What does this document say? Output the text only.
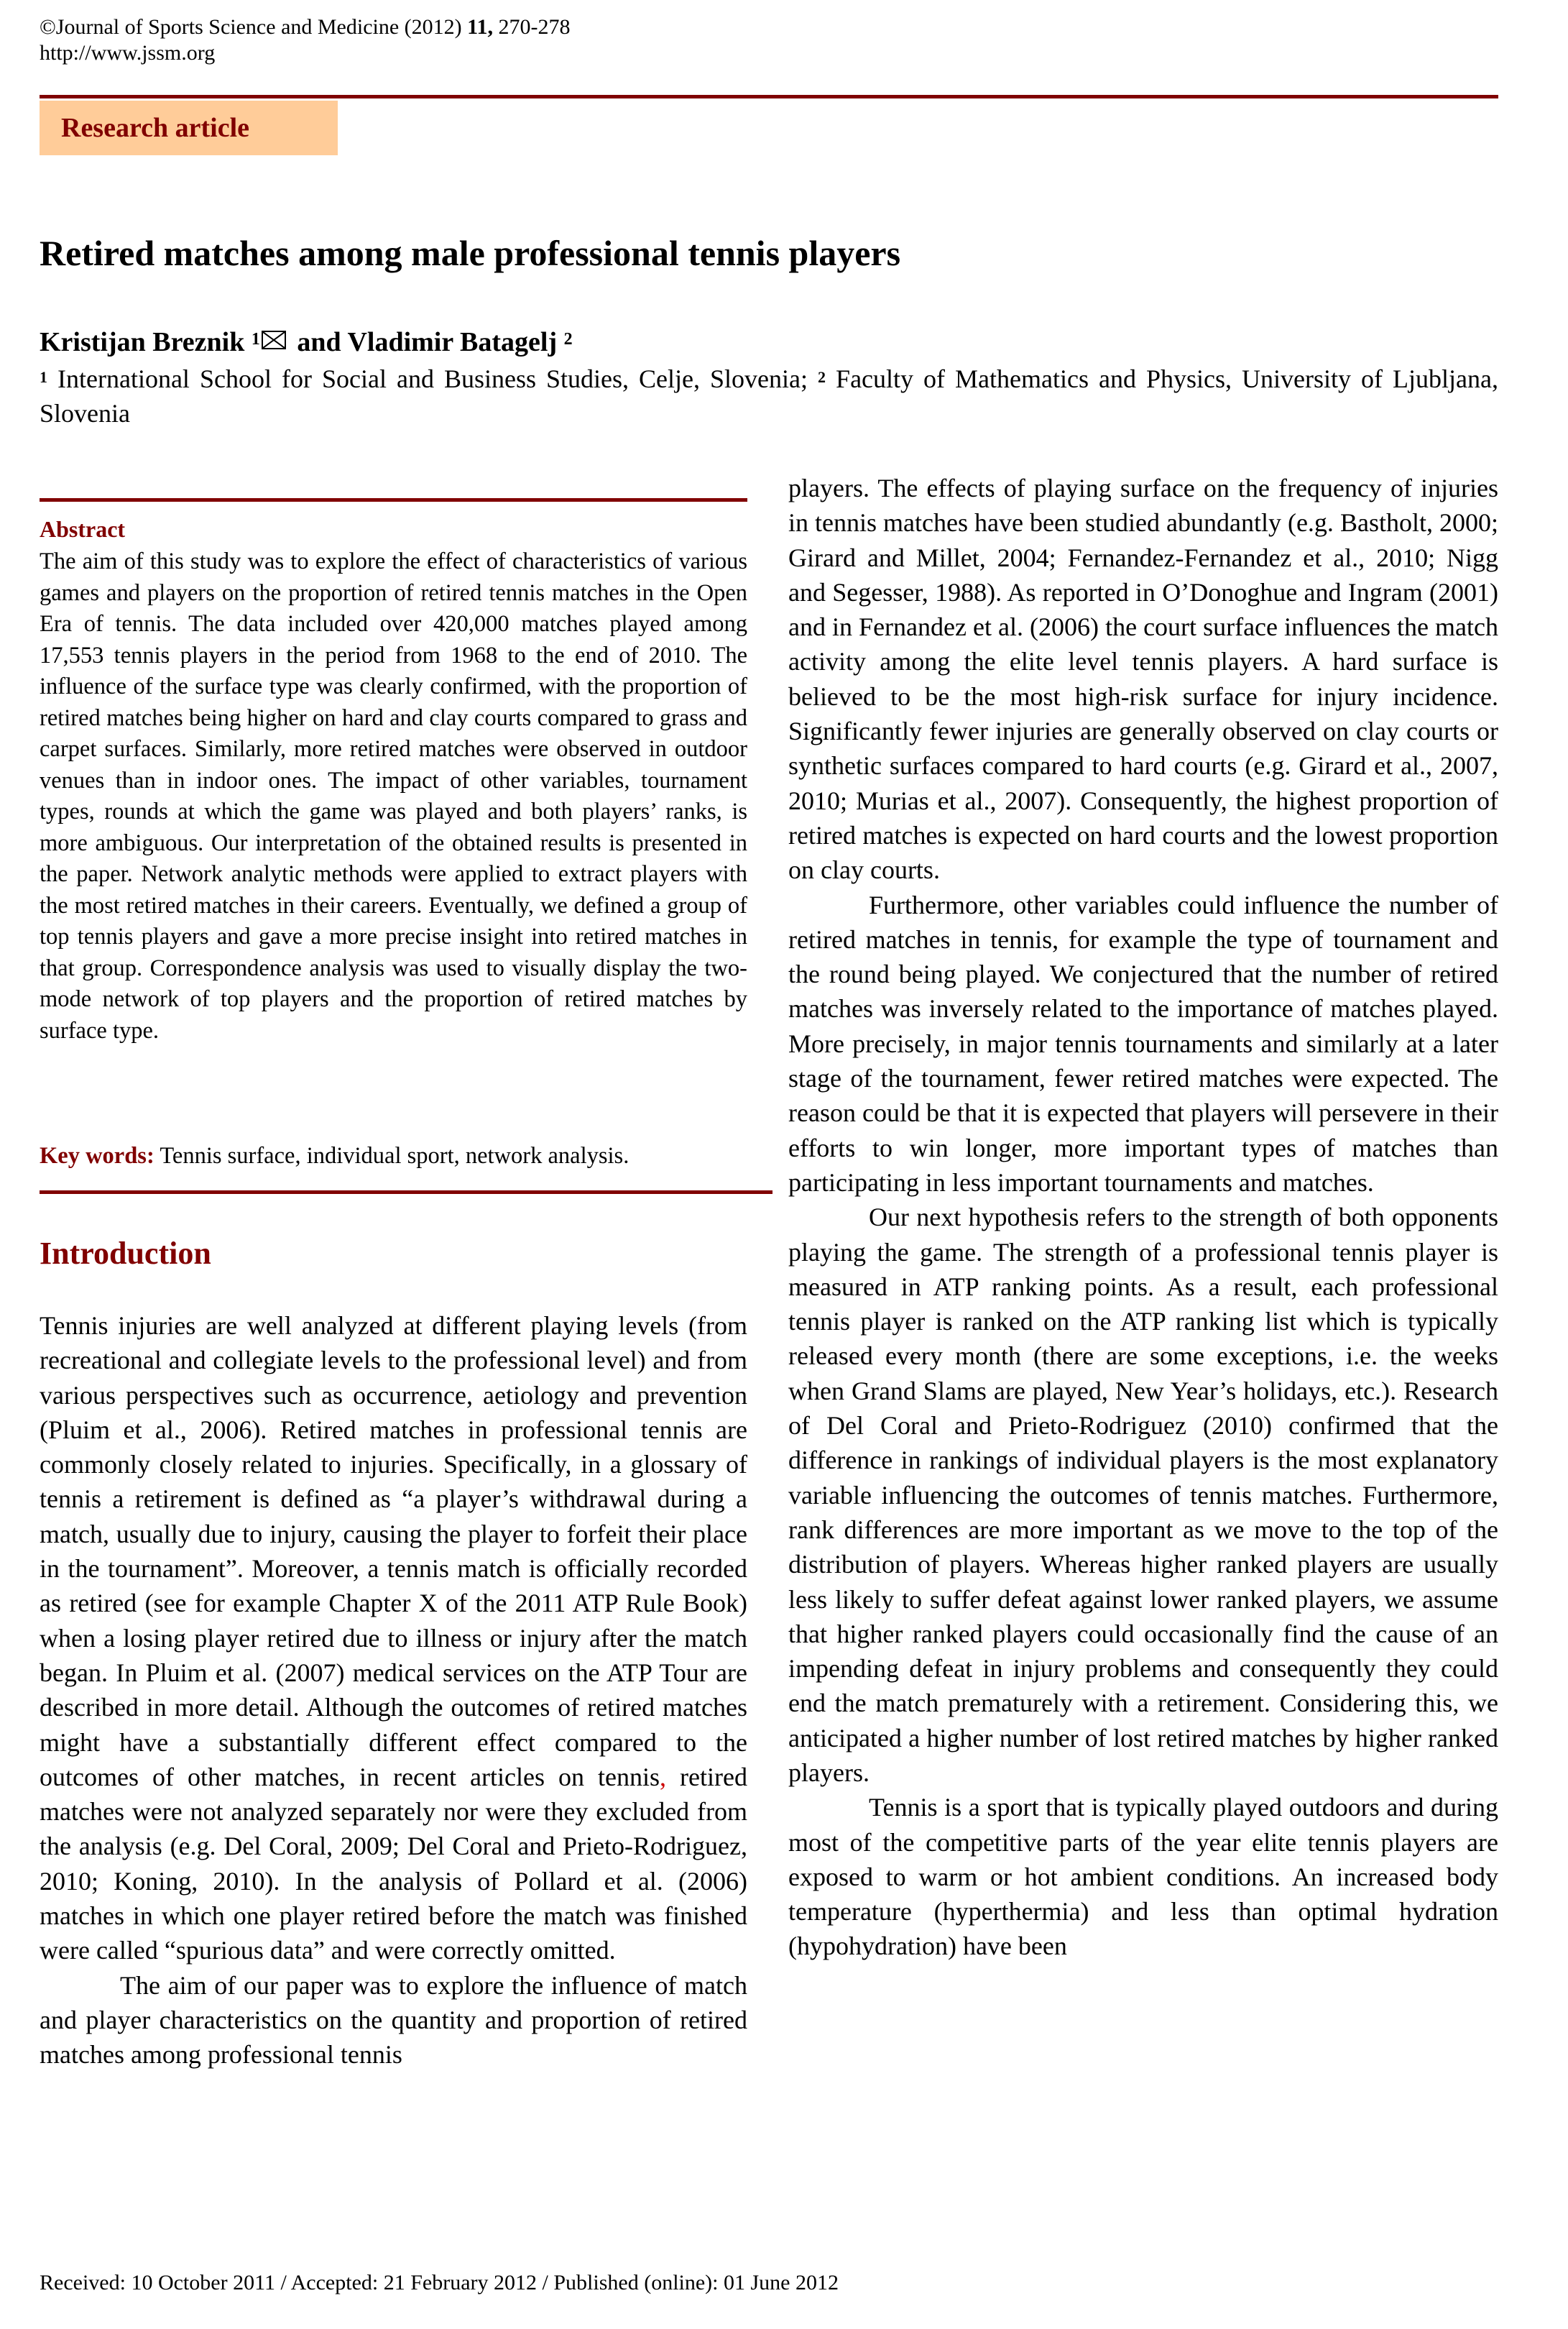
©Journal of Sports Science and Medicine (2012) 11, 270-278
http://www.jssm.org
Research article
Retired matches among male professional tennis players
Kristijan Breznik $^1$
and Vladimir Batagelj $^2$
$^1$ International School for Social and Business Studies, Celje, Slovenia; $^2$ Faculty of Mathematics and Physics, University of Ljubljana, Slovenia
Abstract
The aim of this study was to explore the effect of characteristics of various games and players on the proportion of retired tennis matches in the Open Era of tennis. The data included over 420,000 matches played among 17,553 tennis players in the period from 1968 to the end of 2010. The influence of the surface type was clearly confirmed, with the proportion of retired matches being higher on hard and clay courts compared to grass and carpet surfaces. Similarly, more retired matches were observed in outdoor venues than in indoor ones. The impact of other variables, tournament types, rounds at which the game was played and both players’ ranks, is more ambiguous. Our interpretation of the obtained results is presented in the paper. Network analytic methods were applied to extract players with the most retired matches in their careers. Eventually, we defined a group of top tennis players and gave a more precise insight into retired matches in that group. Correspondence analysis was used to visually display the two-mode network of top players and the proportion of retired matches by surface type.
Key words: Tennis surface, individual sport, network analysis.
Introduction

Tennis injuries are well analyzed at different playing levels (from recreational and collegiate levels to the professional level) and from various perspectives such as occurrence, aetiology and prevention (Pluim et al., 2006). Retired matches in professional tennis are commonly closely related to injuries. Specifically, in a glossary of tennis a retirement is defined as “a player’s withdrawal during a match, usually due to injury, causing the player to forfeit their place in the tournament”. Moreover, a tennis match is officially recorded as retired (see for example Chapter X of the 2011 ATP Rule Book) when a losing player retired due to illness or injury after the match began. In Pluim et al. (2007) medical services on the ATP Tour are described in more detail. Although the outcomes of retired matches might have a substantially different effect compared to the outcomes of other matches, in recent articles on tennis, retired matches were not analyzed separately nor were they excluded from the analysis (e.g. Del Coral, 2009; Del Coral and Prieto-Rodriguez, 2010; Koning, 2010). In the analysis of Pollard et al. (2006) matches in which one player retired before the match was finished were called “spurious data” and were correctly omitted.

The aim of our paper was to explore the influence of match and player characteristics on the quantity and proportion of retired matches among professional tennis

players. The effects of playing surface on the frequency of injuries in tennis matches have been studied abundantly (e.g. Bastholt, 2000; Girard and Millet, 2004; Fernandez-Fernandez et al., 2010; Nigg and Segesser, 1988). As reported in O’Donoghue and Ingram (2001) and in Fernandez et al. (2006) the court surface influences the match activity among the elite level tennis players. A hard surface is believed to be the most high-risk surface for injury incidence. Significantly fewer injuries are generally observed on clay courts or synthetic surfaces compared to hard courts (e.g. Girard et al., 2007, 2010; Murias et al., 2007). Consequently, the highest proportion of retired matches is expected on hard courts and the lowest proportion on clay courts.

Furthermore, other variables could influence the number of retired matches in tennis, for example the type of tournament and the round being played. We conjectured that the number of retired matches was inversely related to the importance of matches played. More precisely, in major tennis tournaments and similarly at a later stage of the tournament, fewer retired matches were expected. The reason could be that it is expected that players will persevere in their efforts to win longer, more important types of matches than participating in less important tournaments and matches.

Our next hypothesis refers to the strength of both opponents playing the game. The strength of a professional tennis player is measured in ATP ranking points. As a result, each professional tennis player is ranked on the ATP ranking list which is typically released every month (there are some exceptions, i.e. the weeks when Grand Slams are played, New Year’s holidays, etc.). Research of Del Coral and Prieto-Rodriguez (2010) confirmed that the difference in rankings of individual players is the most explanatory variable influencing the outcomes of tennis matches. Furthermore, rank differences are more important as we move to the top of the distribution of players. Whereas higher ranked players are usually less likely to suffer defeat against lower ranked players, we assume that higher ranked players could occasionally find the cause of an impending defeat in injury problems and consequently they could end the match prematurely with a retirement. Considering this, we anticipated a higher number of lost retired matches by higher ranked players.

Tennis is a sport that is typically played outdoors and during most of the competitive parts of the year elite tennis players are exposed to warm or hot ambient conditions. An increased body temperature (hyperthermia) and less than optimal hydration (hypohydration) have been

Received: 10 October 2011 / Accepted: 21 February 2012 / Published (online): 01 June 2012
